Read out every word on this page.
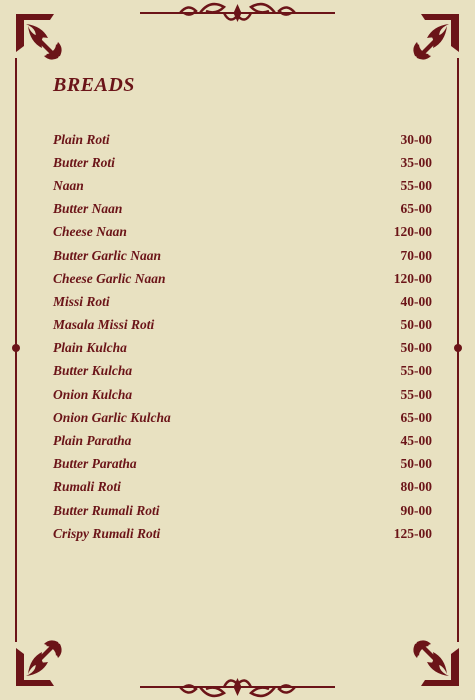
BREADS
Plain Roti	30-00
Butter Roti	35-00
Naan	55-00
Butter Naan	65-00
Cheese Naan	120-00
Butter Garlic Naan	70-00
Cheese Garlic Naan	120-00
Missi Roti	40-00
Masala Missi Roti	50-00
Plain Kulcha	50-00
Butter Kulcha	55-00
Onion Kulcha	55-00
Onion Garlic Kulcha	65-00
Plain Paratha	45-00
Butter Paratha	50-00
Rumali Roti	80-00
Butter Rumali Roti	90-00
Crispy Rumali Roti	125-00
